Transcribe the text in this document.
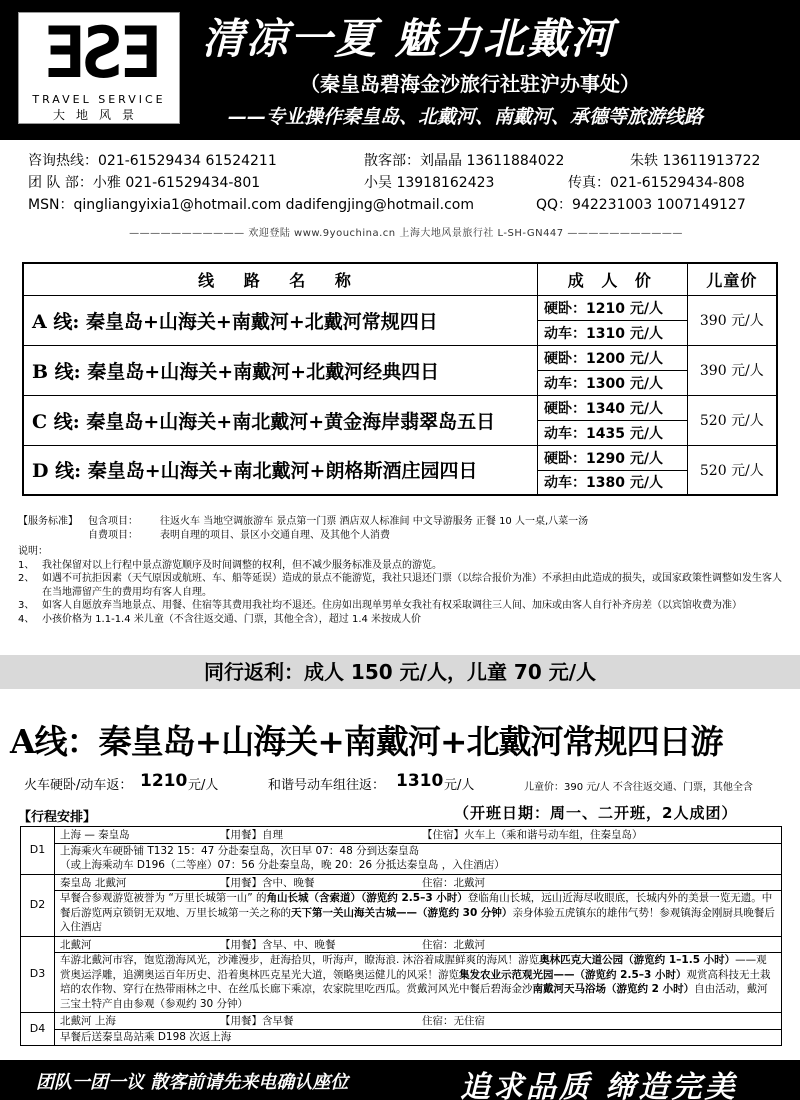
ƎƧƎ
TRAVEL SERVICE
大地风景
清凉一夏 魅力北戴河
（秦皇岛碧海金沙旅行社驻沪办事处）
——专业操作秦皇岛、北戴河、南戴河、承德等旅游线路
咨询热线：021-61529434 61524211	散客部：刘晶晶 13611884022	朱轶 13611913722
团 队 部：小雅 021-61529434-801	小吴 13918162423	传真：021-61529434-808
MSN：qingliangyixia1@hotmail.com dadifengjing@hotmail.com	QQ：942231003 1007149127
——————————— 欢迎登陆 www.9youchina.cn 上海大地风景旅行社 L-SH-GN447 ———————————
线 路 名 称	成 人 价	儿童价
A 线: 秦皇岛+山海关+南戴河+北戴河常规四日	硬卧：1210 元/人	390 元/人
	动车：1310 元/人	
B 线: 秦皇岛+山海关+南戴河+北戴河经典四日	硬卧：1200 元/人	390 元/人
	动车：1300 元/人	
C 线: 秦皇岛+山海关+南北戴河+黄金海岸翡翠岛五日	硬卧：1340 元/人	520 元/人
	动车：1435 元/人	
D 线: 秦皇岛+山海关+南北戴河+朗格斯酒庄园四日	硬卧：1290 元/人	520 元/人
	动车：1380 元/人	
【服务标准】 包含项目： 往返火车 当地空调旅游车 景点第一门票 酒店双人标准间 中文导游服务 正餐 10 人一桌,八菜一汤
自费项目： 表明自理的项目、景区小交通自理、及其他个人消费
说明：
1、 我社保留对以上行程中景点游览顺序及时间调整的权利，但不减少服务标准及景点的游览。
2、 如遇不可抗拒因素（天气原因或航班、车、船等延误）造成的景点不能游览，我社只退还门票（以综合报价为准）不承担由此造成的损失，或国家政策性调整如发生客人在当地滞留产生的费用均有客人自理。
3、 如客人自愿放弃当地景点、用餐、住宿等其费用我社均不退还。住房如出现单男单女我社有权采取调往三人间、加床或由客人自行补齐房差（以宾馆收费为准）
4、 小孩价格为 1.1-1.4 米儿童（不含往返交通、门票，其他全含），超过 1.4 米按成人价
同行返利：成人 150 元/人，儿童 70 元/人
A线：秦皇岛+山海关+南戴河+北戴河常规四日游
火车硬卧/动车返： 1210 元/人	和谐号动车组往返： 1310 元/人	儿童价：390 元/人 不含往返交通、门票，其他全含
【行程安排】	（开班日期：周一、二开班，2人成团）
D1	上海 — 秦皇岛 【用餐】自理 【住宿】火车上（乘和谐号动车组，住秦皇岛）
上海乘火车硬卧铺 T132 15：47 分赴秦皇岛，次日早 07：48 分到达秦皇岛
（或上海乘动车 D196（二等座）07：56 分赴秦皇岛，晚 20：26 分抵达秦皇岛 ，入住酒店）

D2	秦皇岛 北戴河 【用餐】含中、晚餐 住宿：北戴河
早餐合参观游览被誉为 “万里长城第一山” 的角山长城（含索道）（游览约 2.5–3 小时）登临角山长城，远山近海尽收眼底，长城内外的美景一览无遗。中餐后游览两京锁钥无双地、万里长城第一关之称的天下第一关山海关古城——（游览约 30 分钟）亲身体验五虎镇东的雄伟气势！参观镇海金刚厨具晚餐后入住酒店

D3	北戴河 【用餐】含早、中、晚餐 住宿：北戴河
车游北戴河市容，饱览渤海风光，沙滩漫步，赶海拾贝，听海声，瞭海浪. 沐浴着咸腥鲜爽的海风！游览奥林匹克大道公园（游览约 1–1.5 小时）——观赏奥运浮雕，追溯奥运百年历史、沿着奥林匹克星光大道，领略奥运健儿的风采！游览集发农业示范观光园——（游览约 2.5–3 小时）观赏高科技无土栽培的农作物、穿行在热带雨林之中、在丝瓜长廊下乘凉，农家院里吃西瓜。赏戴河风光中餐后碧海金沙南戴河天马浴场（游览约 2 小时）自由活动，戴河三宝土特产自由参观（参观约 30 分钟）

D4	北戴河 上海 【用餐】含早餐 住宿：无住宿
早餐后送秦皇岛站乘 D198 次返上海
团队一团一议 散客前请先来电确认座位	追求品质 缔造完美
